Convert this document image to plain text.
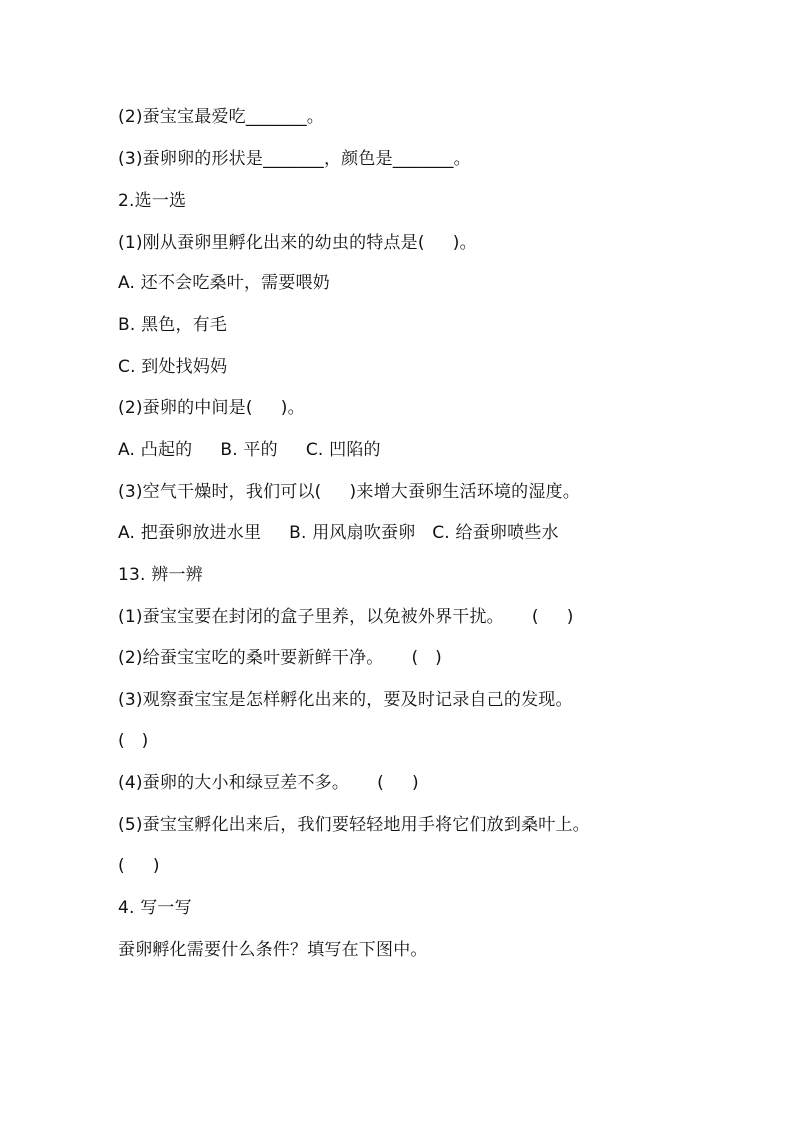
(2)蚕宝宝最爱吃_______。
(3)蚕卵卵的形状是_______，颜色是_______。
2.选一选
(1)刚从蚕卵里孵化出来的幼虫的特点是(     )。
A. 还不会吃桑叶，需要喂奶
B. 黑色，有毛
C. 到处找妈妈
(2)蚕卵的中间是(     )。
A. 凸起的     B. 平的     C. 凹陷的
(3)空气干燥时，我们可以(     )来增大蚕卵生活环境的湿度。
A. 把蚕卵放进水里     B. 用风扇吹蚕卵   C. 给蚕卵喷些水
13. 辨一辨
(1)蚕宝宝要在封闭的盒子里养，以免被外界干扰。     (     )
(2)给蚕宝宝吃的桑叶要新鲜干净。     (   )
(3)观察蚕宝宝是怎样孵化出来的，要及时记录自己的发现。
(   )
(4)蚕卵的大小和绿豆差不多。     (     )
(5)蚕宝宝孵化出来后，我们要轻轻地用手将它们放到桑叶上。
(     )
4. 写一写
蚕卵孵化需要什么条件？填写在下图中。
